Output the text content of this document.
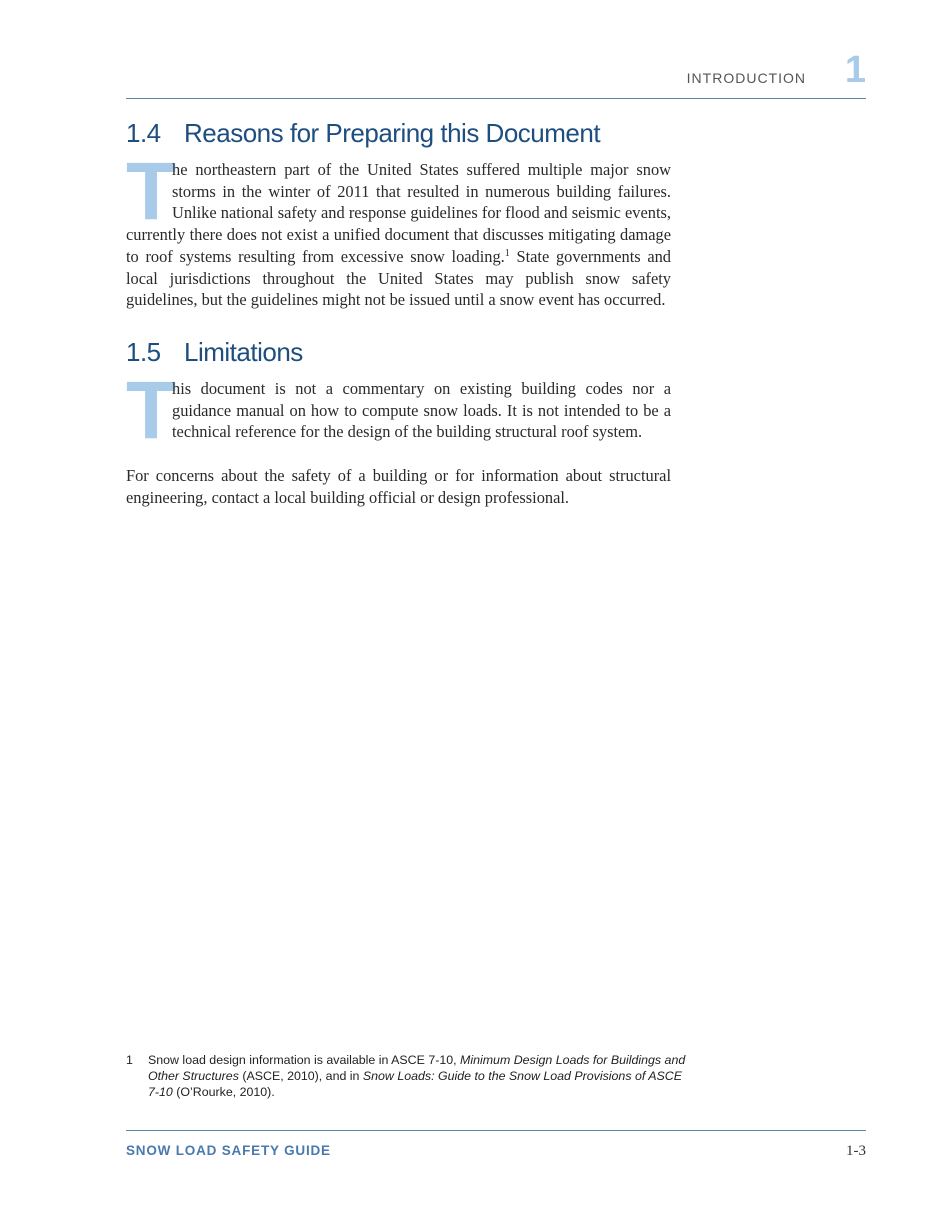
INTRODUCTION 1
1.4 Reasons for Preparing this Document

T
he northeastern part of the United States suffered multiple major snow storms in the winter of 2011 that resulted in numerous building failures. Unlike national safety and response guidelines for flood and seismic events, currently there does not exist a unified document that discusses mitigating damage to roof systems resulting from excessive snow loading.$^1$ State governments and local jurisdictions throughout the United States may publish snow safety guidelines, but the guidelines might not be issued until a snow event has occurred.

1.5 Limitations

T
his document is not a commentary on existing building codes nor a guidance manual on how to compute snow loads. It is not intended to be a technical reference for the design of the building structural roof system.

For concerns about the safety of a building or for information about structural engineering, contact a local building official or design professional.

1 Snow load design information is available in ASCE 7-10, Minimum Design Loads for Buildings and Other Structures (ASCE, 2010), and in Snow Loads: Guide to the Snow Load Provisions of ASCE 7-10 (O’Rourke, 2010).
SNOW LOAD SAFETY GUIDE	1-3
